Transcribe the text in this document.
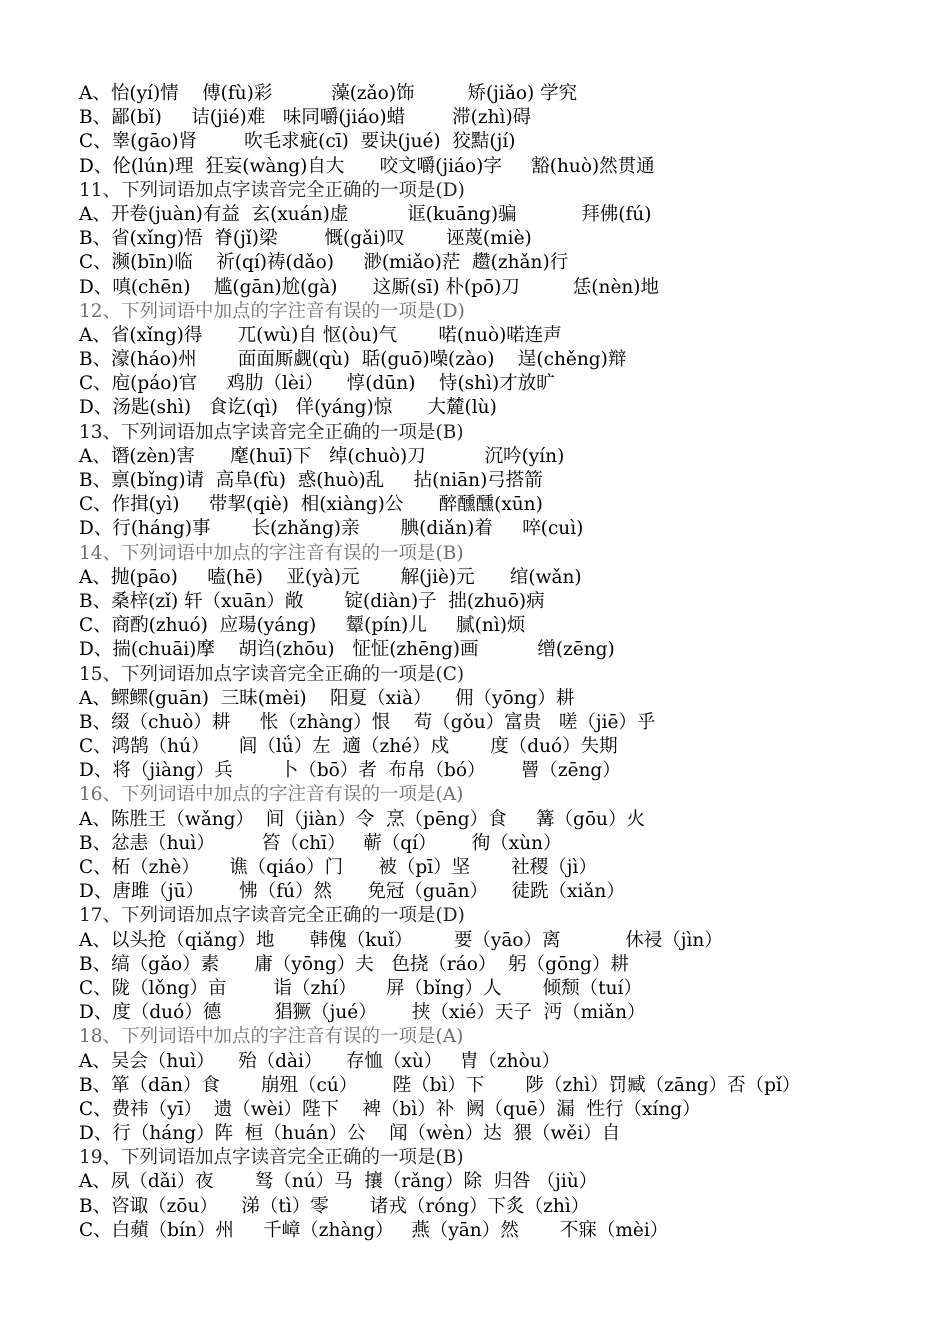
A、怡(yí)情    傅(fù)彩          藻(zǎo)饰         矫(jiǎo) 学究
B、鄙(bǐ)     诘(jié)难   味同嚼(jiáo)蜡        滞(zhì)碍
C、睾(gāo)肾        吹毛求疵(cī)  要诀(jué)  狡黠(jí)
D、伦(lún)理  狂妄(wàng)自大      咬文嚼(jiáo)字     豁(huò)然贯通
11、下列词语加点字读音完全正确的一项是(D)
A、开卷(juàn)有益  玄(xuán)虚          诓(kuāng)骗           拜佛(fú)
B、省(xǐng)悟  脊(jǐ)梁        慨(gǎi)叹       诬蔑(miè)
C、濒(bīn)临    祈(qí)祷(dǎo)     渺(miǎo)茫  趱(zhǎn)行
D、嗔(chēn)    尴(gān)尬(gà)      这厮(sī) 朴(pō)刀         恁(nèn)地
12、下列词语中加点的字注音有误的一项是(D)
A、省(xǐng)得      兀(wù)自 怄(òu)气       喏(nuò)喏连声
B、濠(háo)州       面面厮觑(qù)  聒(guō)噪(zào)    逞(chěng)辩
C、庖(páo)官     鸡肋（lèi）    惇(dūn)    恃(shì)才放旷
D、汤匙(shì)   食讫(qì)   佯(yáng)惊      大麓(lù)
13、下列词语加点字读音完全正确的一项是(B)
A、谮(zèn)害      麾(huī)下   绰(chuò)刀          沉吟(yín)
B、禀(bǐng)请  高阜(fù)  惑(huò)乱     拈(niān)弓搭箭
C、作揖(yì)     带挈(qiè)  相(xiàng)公      醉醺醺(xūn)
D、行(háng)事       长(zhǎng)亲       腆(diǎn)着     啐(cuì)
14、下列词语中加点的字注音有误的一项是(B)
A、抛(pāo)     嗑(hē)    亚(yà)元       解(jiè)元      绾(wǎn)
B、桑梓(zǐ) 轩（xuān）敞       锭(diàn)子  拙(zhuō)病
C、商酌(zhuó)  应瑒(yáng)     颦(pín)儿     腻(nì)烦
D、揣(chuāi)摩    胡诌(zhōu)   怔怔(zhēng)画          缯(zēng)
15、下列词语加点字读音完全正确的一项是(C)
A、鳏鳏(guān)  三昧(mèi)    阳夏（xià）    佣（yōng）耕
B、缀（chuò）耕     怅（zhàng）恨    苟（gǒu）富贵   嗟（jiē）乎
C、鸿鹄（hú）     闾（lǘ）左  適（zhé）戍       度（duó）失期
D、将（jiàng）兵        卜（bō）者  布帛（bó）      罾（zēng）
16、下列词语中加点的字注音有误的一项是(A)
A、陈胜王（wǎng）  间（jiàn）令  烹（pēng）食     篝（gōu）火
B、忿恚（huì）        笞（chī）   蕲（qí）      徇（xùn）
C、柘（zhè）     谯（qiáo）门      被（pī）坚       社稷（jì）
D、唐雎（jū）      怫（fú）然      免冠（guān）    徒跣（xiǎn）
17、下列词语加点字读音完全正确的一项是(D)
A、以头抢（qiǎng）地      韩傀（kuǐ）       要（yāo）离           休祲（jìn）
B、缟（gǎo）素      庸（yōng）夫   色挠（ráo）  躬（gōng）耕
C、陇（lǒng）亩        诣（zhí）     屏（bǐng）人       倾颓（tuí）
D、度（duó）德         猖獗（jué）      挟（xié）天子  沔（miǎn）
18、下列词语中加点的字注音有误的一项是(A)
A、吴会（huì）    殆（dài）    存恤（xù）   胄（zhòu）
B、箪（dān）食       崩殂（cú）      陛（bì）下       陟（zhì）罚臧（zāng）否（pǐ）
C、费祎（yī）  遗（wèi）陛下    裨（bì）补  阙（quē）漏  性行（xíng）
D、行（háng）阵  桓（huán）公    闻（wèn）达  猥（wěi）自
19、下列词语加点字读音完全正确的一项是(B)
A、夙（dǎi）夜       驽（nú）马  攘（rǎng）除  归咎 （jiù）
B、咨诹（zōu）    涕（tì）零       诸戎（róng）下炙（zhì）
C、白蘋（bín）州     千嶂（zhàng）   燕（yān）然       不寐（mèi）
